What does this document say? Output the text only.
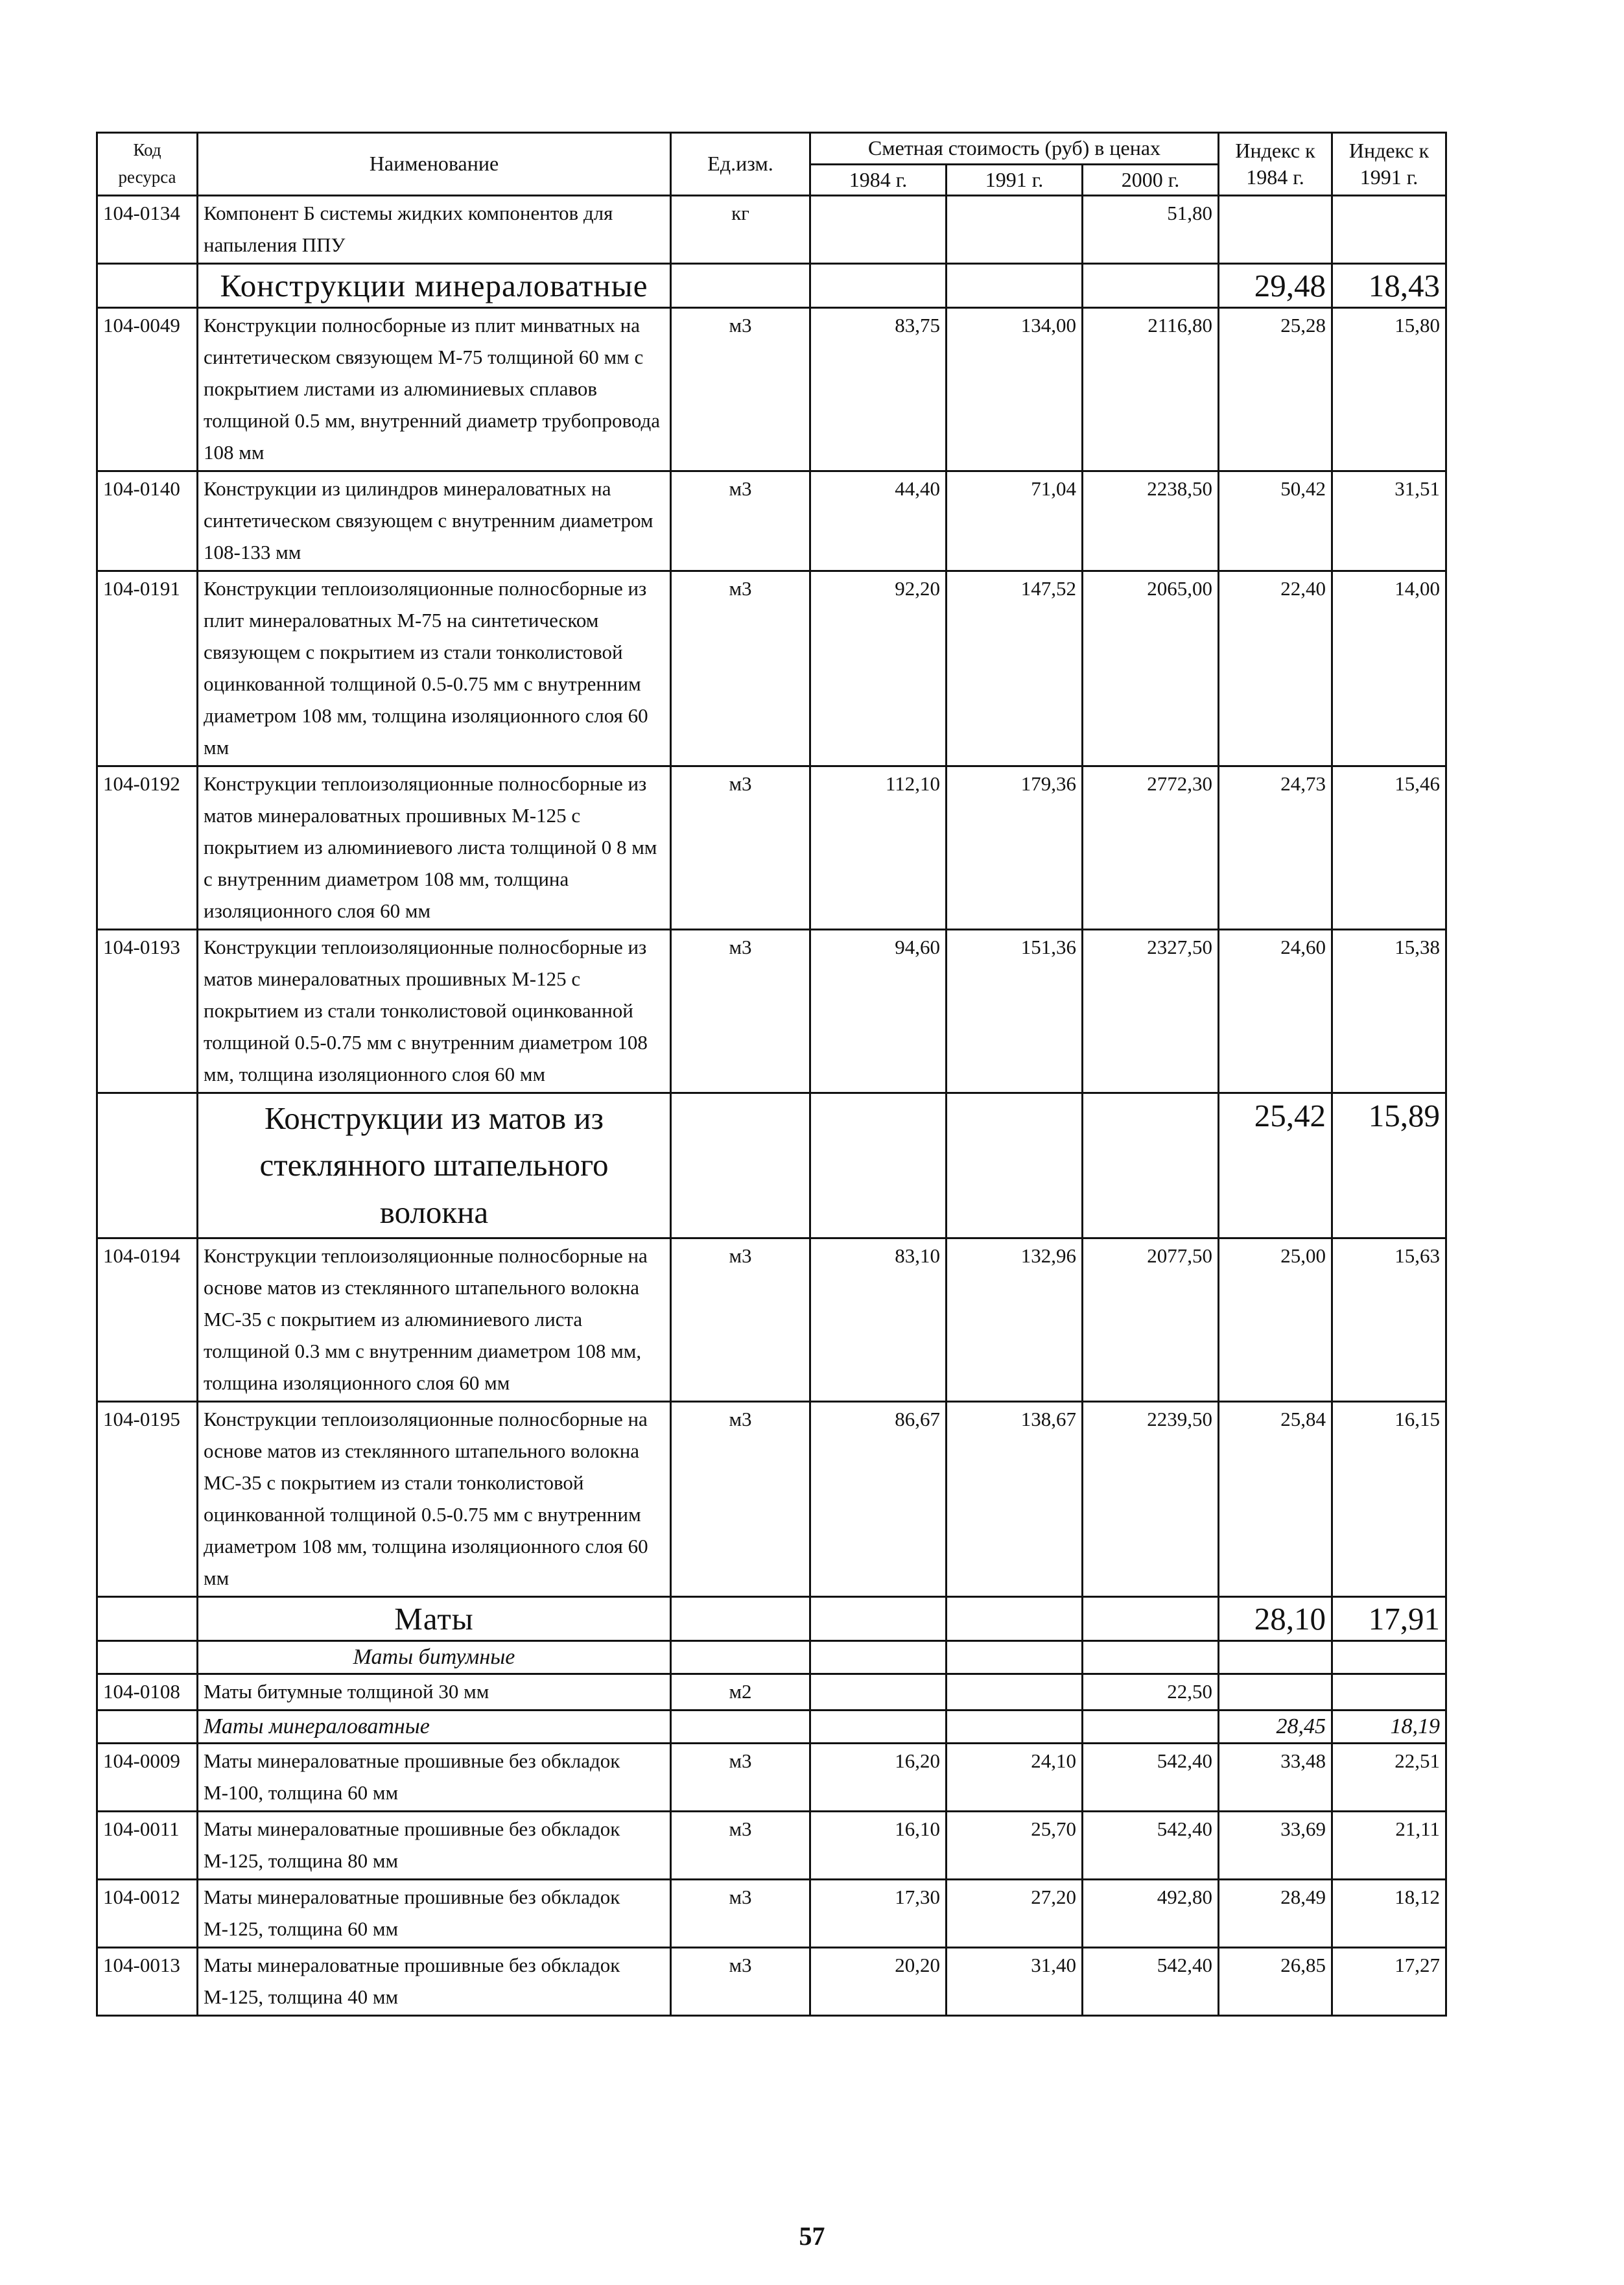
Код ресурса	Наименование	Ед.изм.	Сметная стоимость (руб) в ценах			Индекс к 1984 г.	Индекс к 1991 г.
			1984 г.	1991 г.	2000 г.		
104-0134	Компонент Б системы жидких компонентов для напыления ППУ	кг			51,80		
	Конструкции минераловатные					29,48	18,43
104-0049	Конструкции полносборные из плит минватных на синтетическом связующем М-75 толщиной 60 мм с покрытием листами из алюминиевых сплавов толщиной 0.5 мм, внутренний диаметр трубопровода 108 мм	м3	83,75	134,00	2116,80	25,28	15,80
104-0140	Конструкции из цилиндров минераловатных на синтетическом связующем с внутренним диаметром 108-133 мм	м3	44,40	71,04	2238,50	50,42	31,51
104-0191	Конструкции теплоизоляционные полносборные из плит минераловатных М-75 на синтетическом связующем с покрытием из стали тонколистовой оцинкованной толщиной 0.5-0.75 мм с внутренним диаметром 108 мм, толщина изоляционного слоя 60 мм	м3	92,20	147,52	2065,00	22,40	14,00
104-0192	Конструкции теплоизоляционные полносборные из матов минераловатных прошивных М-125 с покрытием из алюминиевого листа толщиной 0 8 мм с внутренним диаметром 108 мм, толщина изоляционного слоя 60 мм	м3	112,10	179,36	2772,30	24,73	15,46
104-0193	Конструкции теплоизоляционные полносборные из матов минераловатных прошивных М-125 с покрытием из стали тонколистовой оцинкованной толщиной 0.5-0.75 мм с внутренним диаметром 108 мм, толщина изоляционного слоя 60 мм	м3	94,60	151,36	2327,50	24,60	15,38
	Конструкции из матов из стеклянного штапельного волокна					25,42	15,89
104-0194	Конструкции теплоизоляционные полносборные на основе матов из стеклянного штапельного волокна МС-35 с покрытием из алюминиевого листа толщиной 0.3 мм с внутренним диаметром 108 мм, толщина изоляционного слоя 60 мм	м3	83,10	132,96	2077,50	25,00	15,63
104-0195	Конструкции теплоизоляционные полносборные на основе матов из стеклянного штапельного волокна МС-35 с покрытием из стали тонколистовой оцинкованной толщиной 0.5-0.75 мм с внутренним диаметром 108 мм, толщина изоляционного слоя 60 мм	м3	86,67	138,67	2239,50	25,84	16,15
	Маты					28,10	17,91
	Маты битумные						
104-0108	Маты битумные толщиной 30 мм	м2			22,50		
	Маты минераловатные					28,45	18,19
104-0009	Маты минераловатные прошивные без обкладок М-100, толщина 60 мм	м3	16,20	24,10	542,40	33,48	22,51
104-0011	Маты минераловатные прошивные без обкладок М-125, толщина 80 мм	м3	16,10	25,70	542,40	33,69	21,11
104-0012	Маты минераловатные прошивные без обкладок М-125, толщина 60 мм	м3	17,30	27,20	492,80	28,49	18,12
104-0013	Маты минераловатные прошивные без обкладок М-125, толщина 40 мм	м3	20,20	31,40	542,40	26,85	17,27
57
